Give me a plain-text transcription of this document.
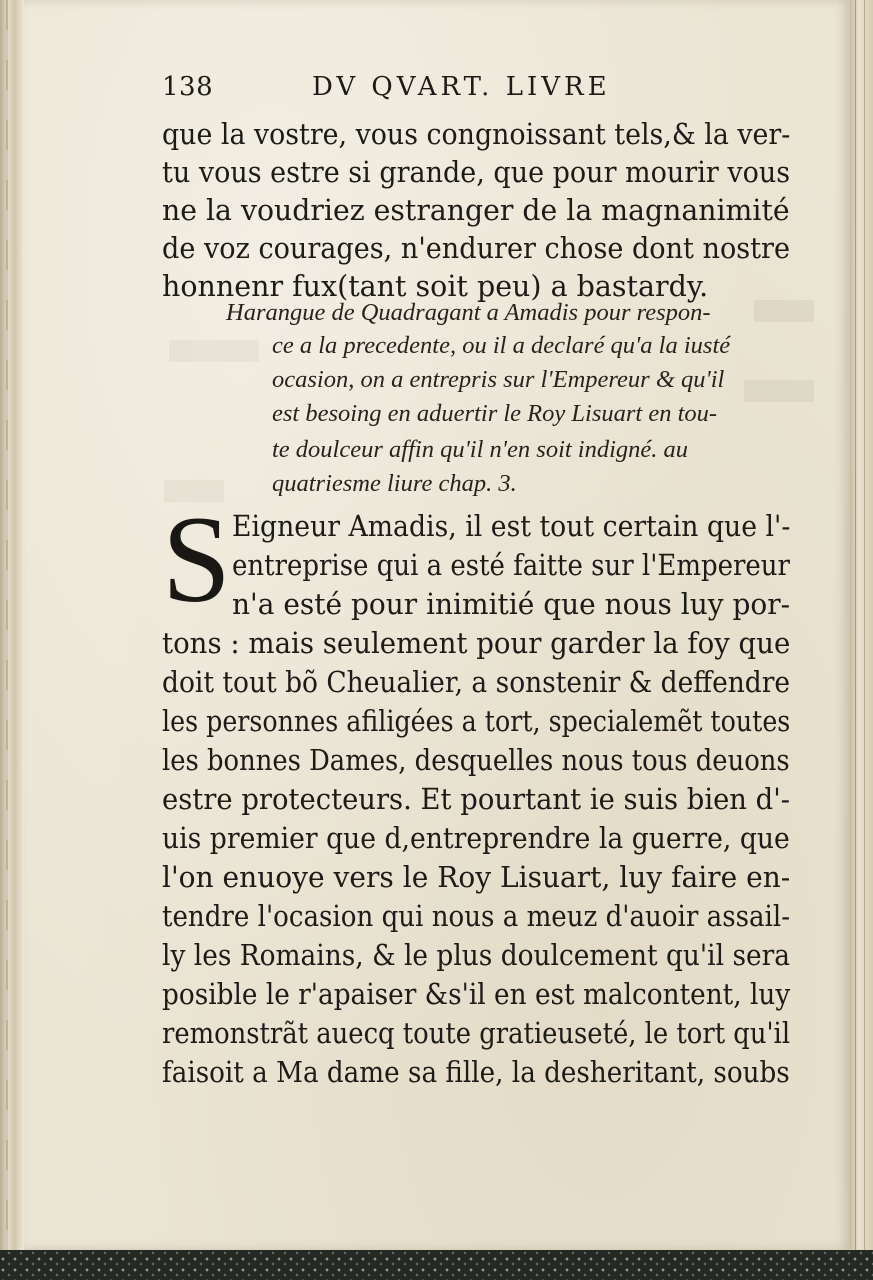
138	DV QVART. LIVRE
que la vostre, vous congnoissant tels,& la ver-
tu vous estre si grande, que pour mourir vous
ne la voudriez estranger de la magnanimité
de voz courages, n'endurer chose dont nostre
honnenr fux(tant soit peu) a bastardy.
Harangue de Quadragant a Amadis pour respon-
ce a la precedente, ou il a declaré qu'a la iusté
ocasion, on a entrepris sur l'Empereur & qu'il
est besoing en aduertir le Roy Lisuart en tou-
te doulceur affin qu'il n'en soit indigné. au
quatriesme liure chap. 3.
S Eigneur Amadis, il est tout certain que l'-
entreprise qui a esté faitte sur l'Empereur
n'a esté pour inimitié que nous luy por-
tons : mais seulement pour garder la foy que
doit tout bõ Cheualier, a sonstenir & deffendre
les personnes afiligées a tort, specialemẽt toutes
les bonnes Dames, desquelles nous tous deuons
estre protecteurs. Et pourtant ie suis bien d'-
uis premier que d,entreprendre la guerre, que
l'on enuoye vers le Roy Lisuart, luy faire en-
tendre l'ocasion qui nous a meuz d'auoir assail-
ly les Romains, & le plus doulcement qu'il sera
posible le r'apaiser &s'il en est malcontent, luy
remonstrãt auecq toute gratieuseté, le tort qu'il
faisoit a Ma dame sa fille, la desheritant, soubs
